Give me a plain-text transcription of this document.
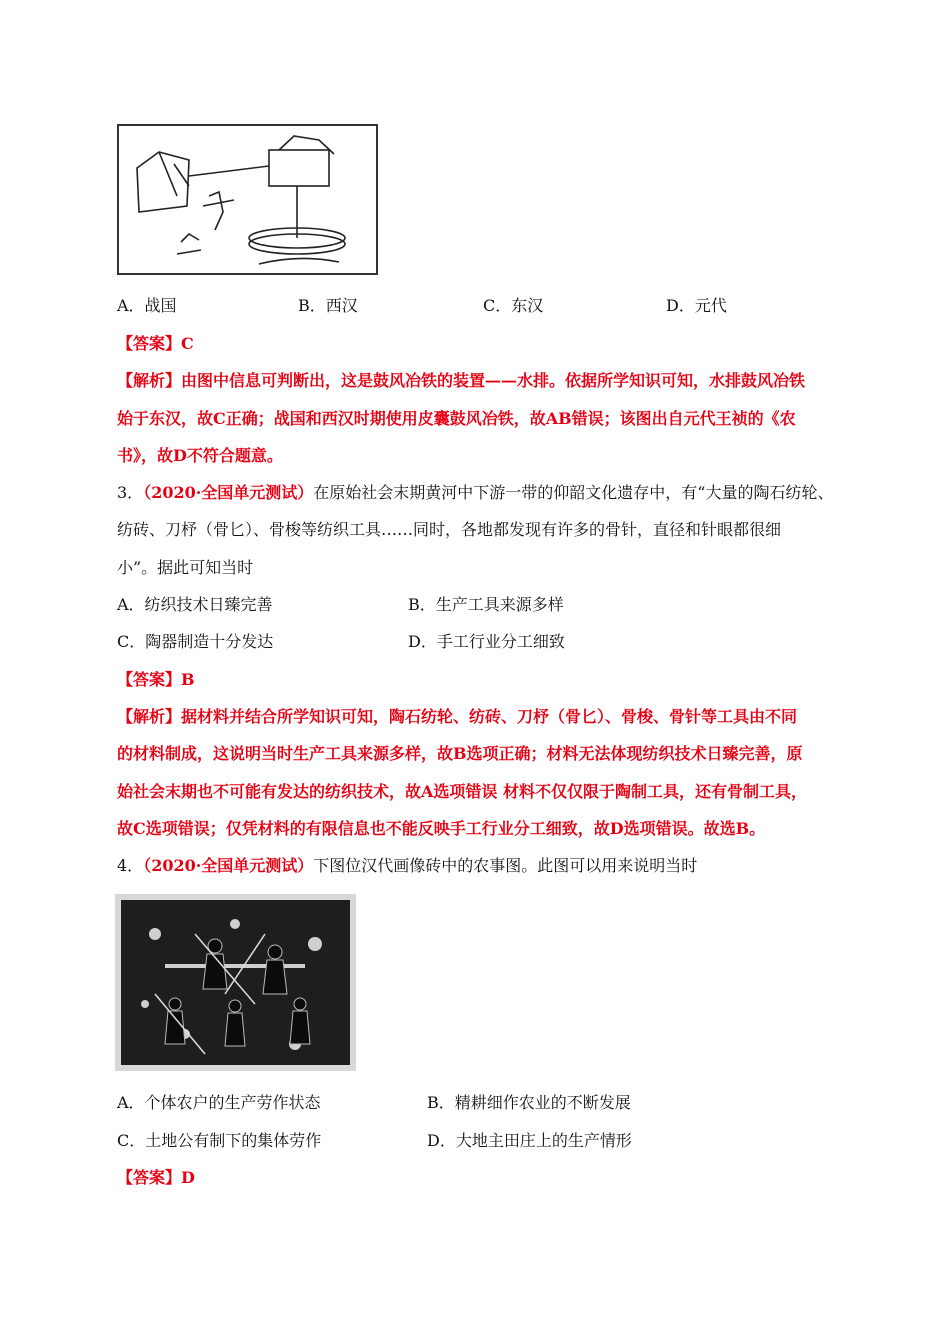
A．战国	B．西汉	C．东汉	D．元代
【答案】C
【解析】由图中信息可判断出，这是鼓风冶铁的装置——水排。依据所学知识可知，水排鼓风冶铁
始于东汉，故C正确；战国和西汉时期使用皮囊鼓风冶铁，故AB错误；该图出自元代王祯的《农
书》，故D不符合题意。
3．（2020·全国单元测试）在原始社会末期黄河中下游一带的仰韶文化遗存中，有“大量的陶石纺轮、
纺砖、刀杼（骨匕）、骨梭等纺织工具……同时，各地都发现有许多的骨针，直径和针眼都很细
小”。据此可知当时
A．纺织技术日臻完善	B．生产工具来源多样
C．陶器制造十分发达	D．手工行业分工细致
【答案】B
【解析】据材料并结合所学知识可知，陶石纺轮、纺砖、刀杼（骨匕）、骨梭、骨针等工具由不同
的材料制成，这说明当时生产工具来源多样，故B选项正确；材料无法体现纺织技术日臻完善，原
始社会末期也不可能有发达的纺织技术，故A选项错误 材料不仅仅限于陶制工具，还有骨制工具，
故C选项错误；仅凭材料的有限信息也不能反映手工行业分工细致，故D选项错误。故选B。
4．（2020·全国单元测试）下图位汉代画像砖中的农事图。此图可以用来说明当时
A．个体农户的生产劳作状态	B．精耕细作农业的不断发展
C．土地公有制下的集体劳作	D．大地主田庄上的生产情形
【答案】D
